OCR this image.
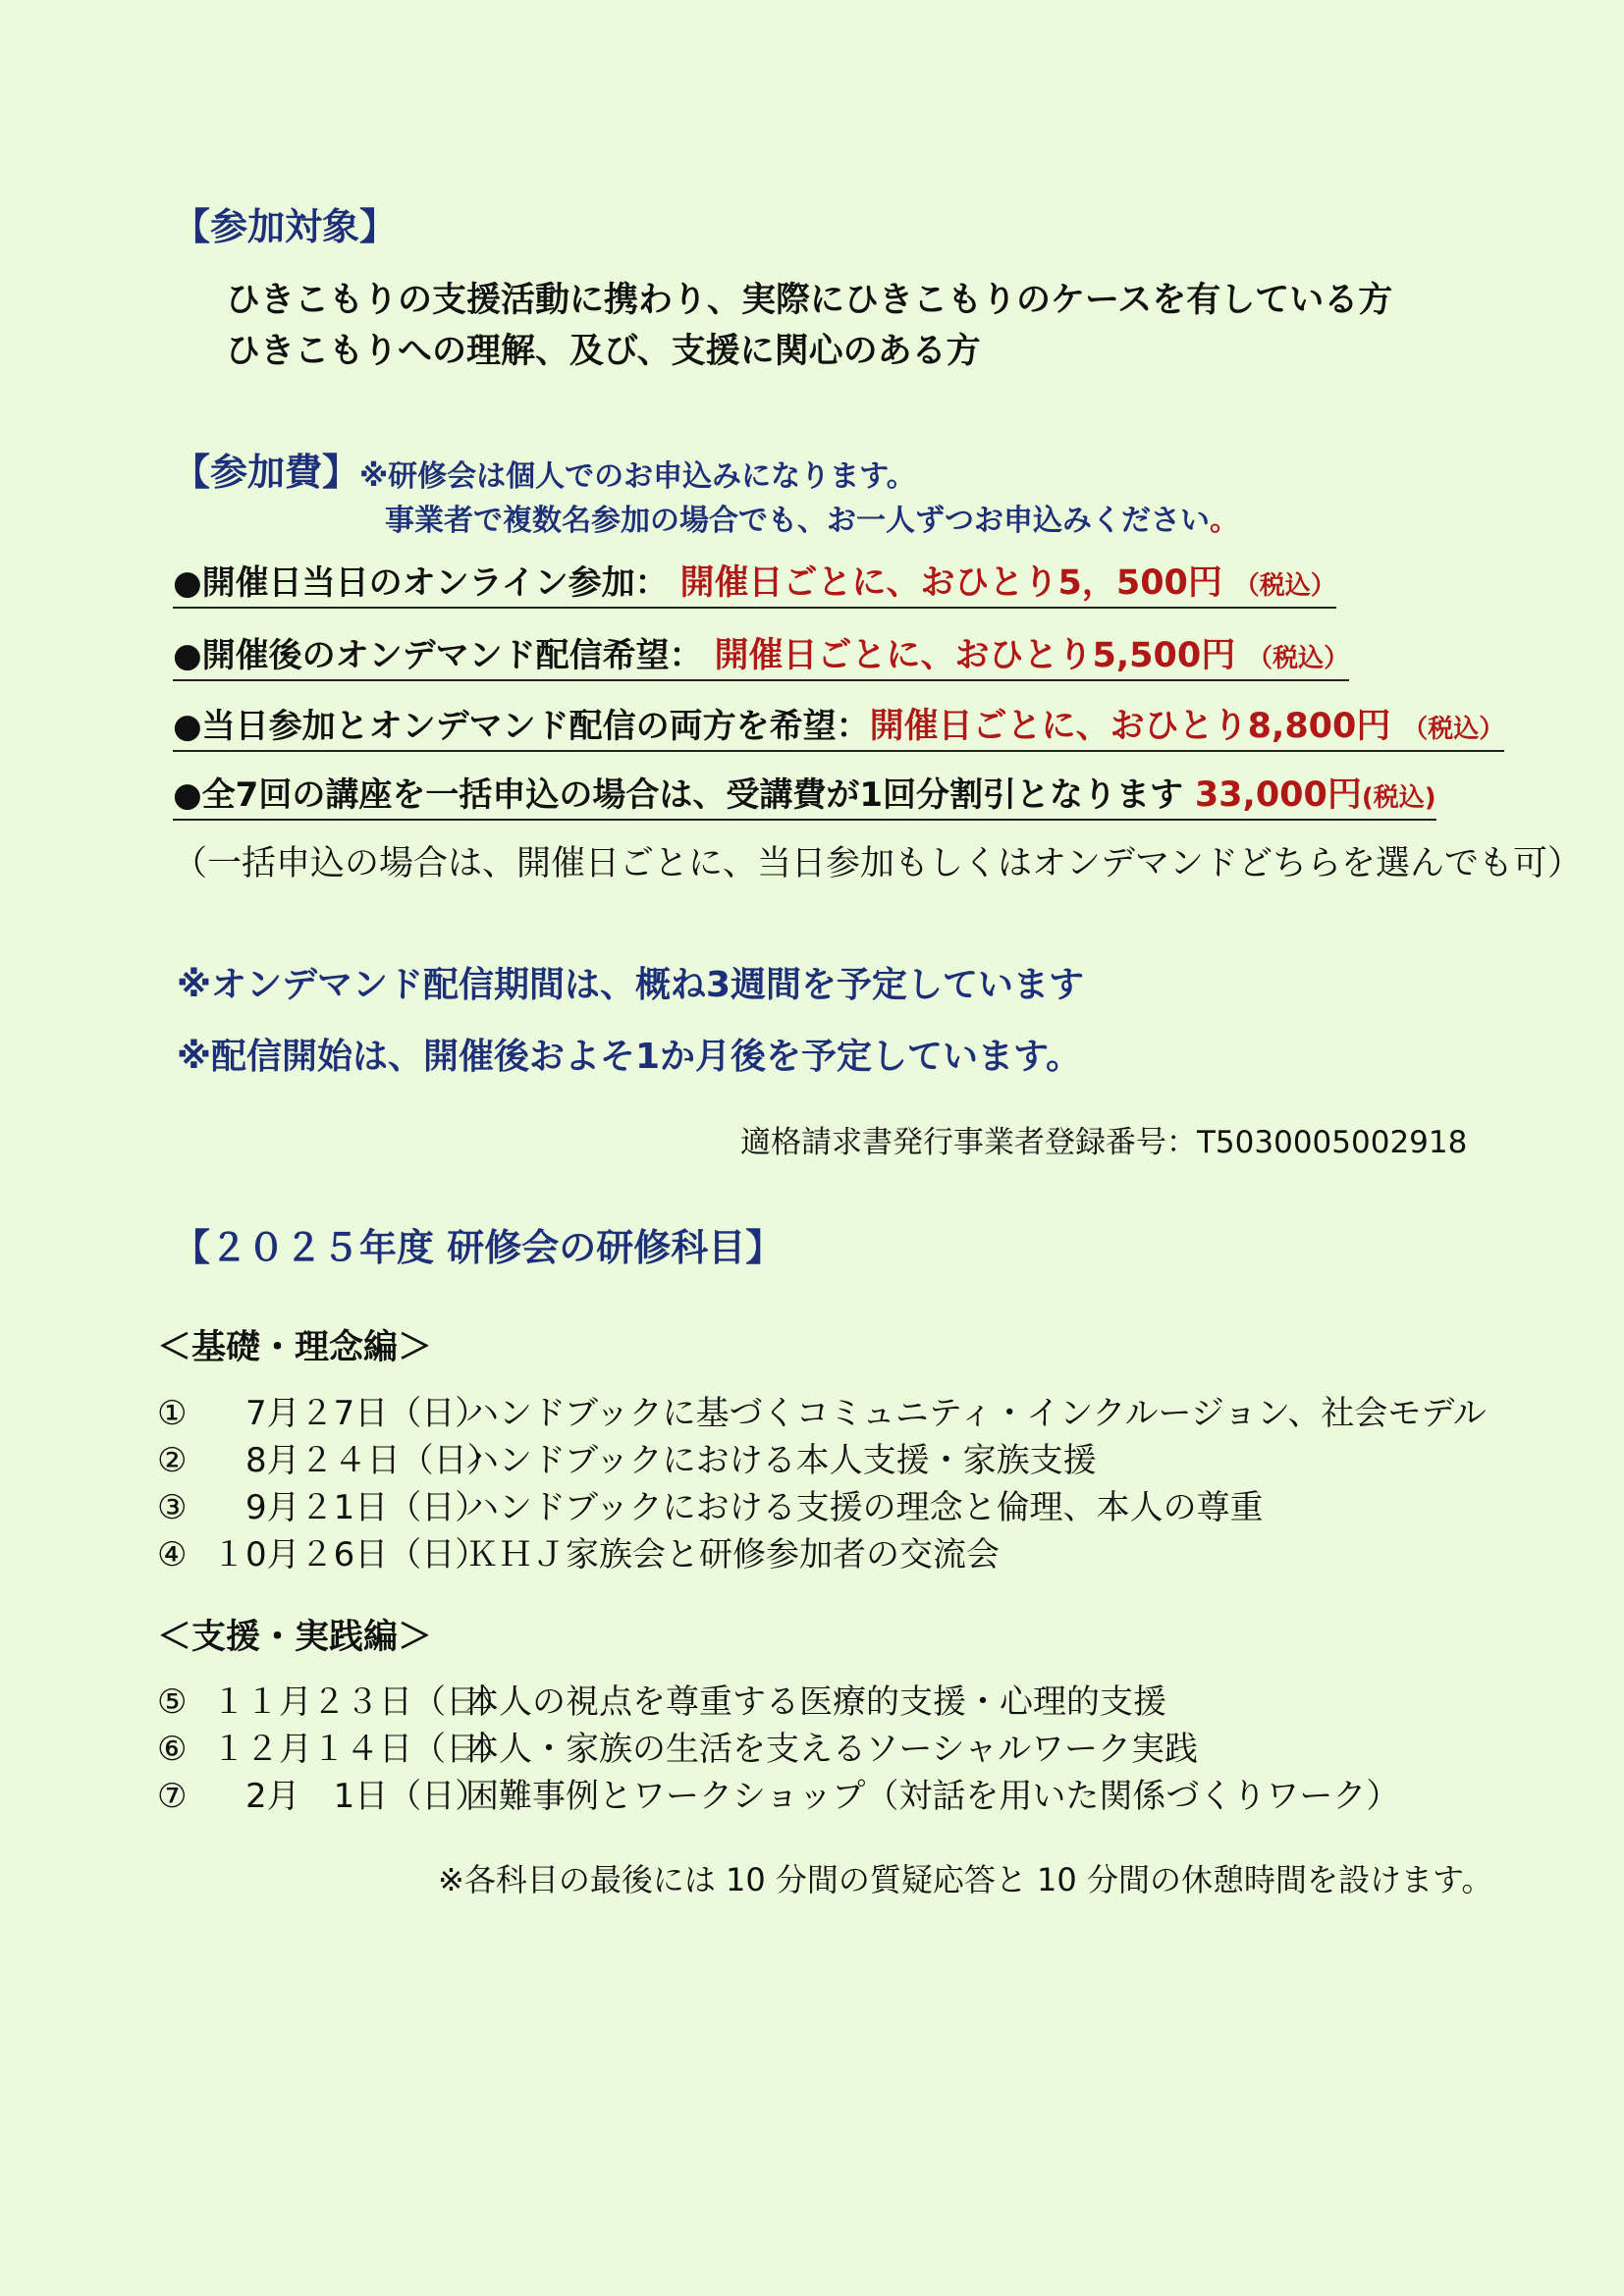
【参加対象】
ひきこもりの支援活動に携わり、実際にひきこもりのケースを有している方
ひきこもりへの理解、及び、支援に関心のある方
【参加費】 ※研修会は個人でのお申込みになります。
事業者で複数名参加の場合でも、お一人ずつお申込みください。
●開催日当日のオンライン参加： 開催日ごとに、おひとり5，500円 （税込）
●開催後のオンデマンド配信希望： 開催日ごとに、おひとり5,500円 （税込）
●当日参加とオンデマンド配信の両方を希望：開催日ごとに、おひとり8,800円 （税込）
●全7回の講座を一括申込の場合は、受講費が1回分割引となります 33,000円(税込)
（一括申込の場合は、開催日ごとに、当日参加もしくはオンデマンドどちらを選んでも可）
※オンデマンド配信期間は、概ね3週間を予定しています
※配信開始は、開催後およそ1か月後を予定しています。
適格請求書発行事業者登録番号：T5030005002918
【２０２５年度 研修会の研修科目】
＜基礎・理念編＞
①　7月２7日（日）ハンドブックに基づくコミュニティ・インクルージョン、社会モデル
②　8月２４日（日）ハンドブックにおける本人支援・家族支援
③　9月２1日（日）ハンドブックにおける支援の理念と倫理、本人の尊重
④ １0月２6日（日）ＫＨＪ家族会と研修参加者の交流会
＜支援・実践編＞
⑤ １１月２３日（日）本人の視点を尊重する医療的支援・心理的支援
⑥ １２月１４日（日）本人・家族の生活を支えるソーシャルワーク実践
⑦　2月　1日（日）困難事例とワークショップ（対話を用いた関係づくりワーク）
※各科目の最後には 10 分間の質疑応答と 10 分間の休憩時間を設けます。
